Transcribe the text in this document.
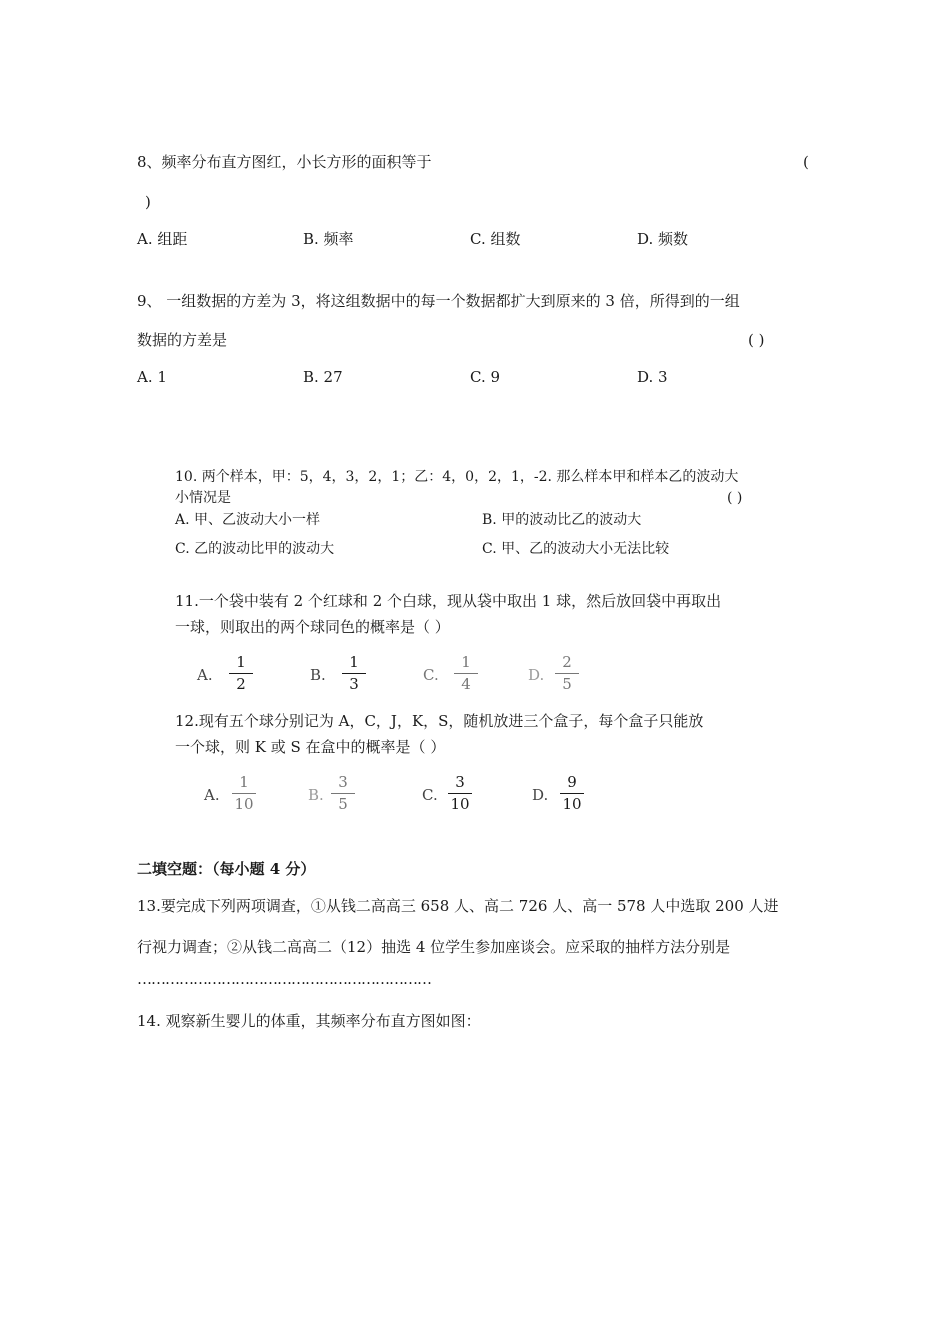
8、频率分布直方图红，小长方形的面积等于	(
)
A. 组距	B. 频率	C. 组数	D. 频数
9、 一组数据的方差为 3，将这组数据中的每一个数据都扩大到原来的 3 倍，所得到的一组
数据的方差是	( )
A. 1	B. 27	C. 9	D. 3
10. 两个样本，甲：5，4，3，2，1；乙：4，0，2，1，-2. 那么样本甲和样本乙的波动大
小情况是	( )
A. 甲、乙波动大小一样	B. 甲的波动比乙的波动大
C. 乙的波动比甲的波动大	C. 甲、乙的波动大小无法比较
11.一个袋中装有 2 个红球和 2 个白球，现从袋中取出 1 球，然后放回袋中再取出
一球，则取出的两个球同色的概率是（ ）
A.
1
2	B.
1
3	C.
1
4	D.
2
5
12.现有五个球分别记为 A，C，J，K，S，随机放进三个盒子，每个盒子只能放
一个球，则 K 或 S 在盒中的概率是（ ）
A.
1
10	B.
3
5	C.
3
10	D.
9
10
二填空题：（每小题 4 分）
13.要完成下列两项调查，①从钱二高高三 658 人、高二 726 人、高一 578 人中选取 200 人进
行视力调查；②从钱二高高二（12）抽选 4 位学生参加座谈会。应采取的抽样方法分别是
………………………………………………………
14. 观察新生婴儿的体重，其频率分布直方图如图：
